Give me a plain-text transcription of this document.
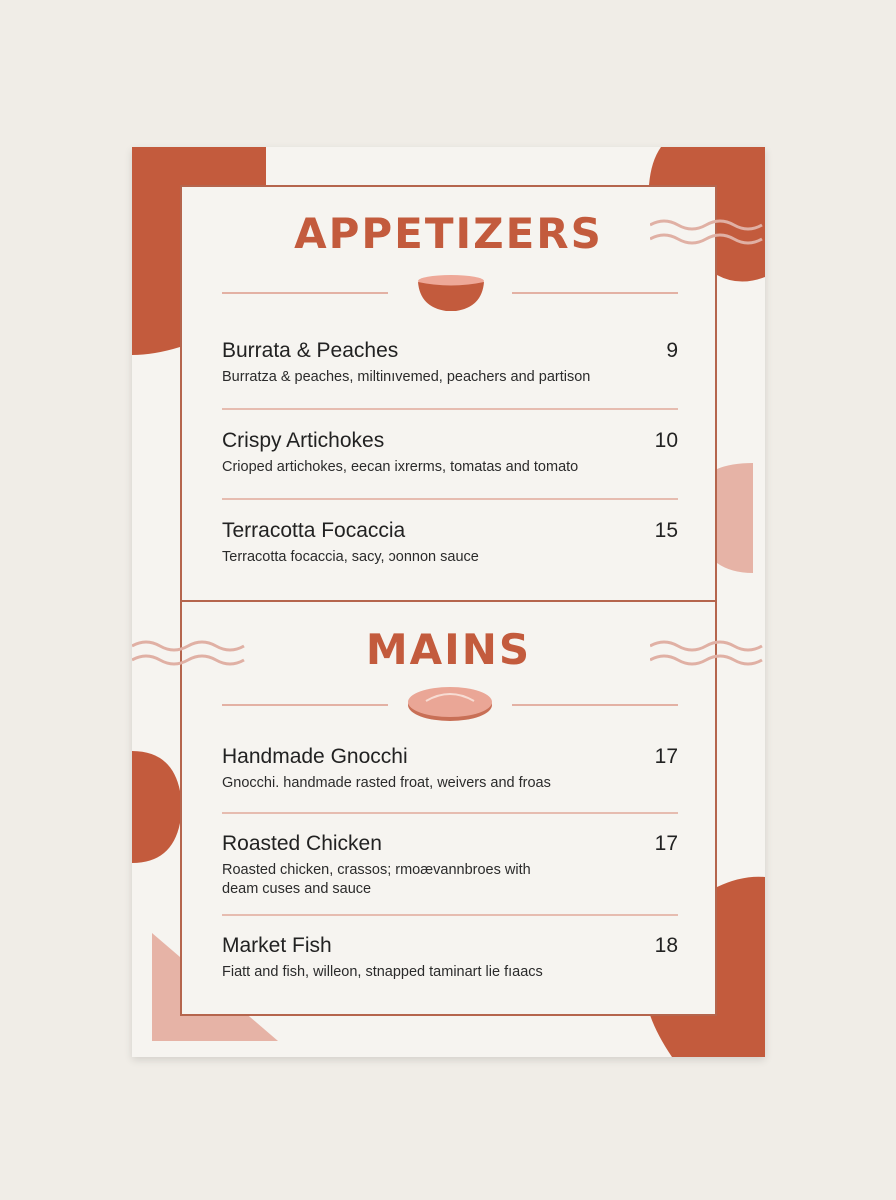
APPETIZERS
Burrata & Peaches	9
Burratza & peaches, miltinıvemed, peachers and partison
Crispy Artichokes	10
Crioped artichokes, eecan ixrerms, tomatas and tomato
Terracotta Focaccia	15
Terracotta focaccia, sacy, ɔonnon sauce
MAINS
Handmade Gnocchi	17
Gnocchi. handmade rasted froat, weivers and froas
Roasted Chicken	17
Roasted chicken, crassos; rmoævannbroes with deam cuses and sauce
Market Fish	18
Fiatt and fish, willeon, stnapped taminart lie fıaacs
